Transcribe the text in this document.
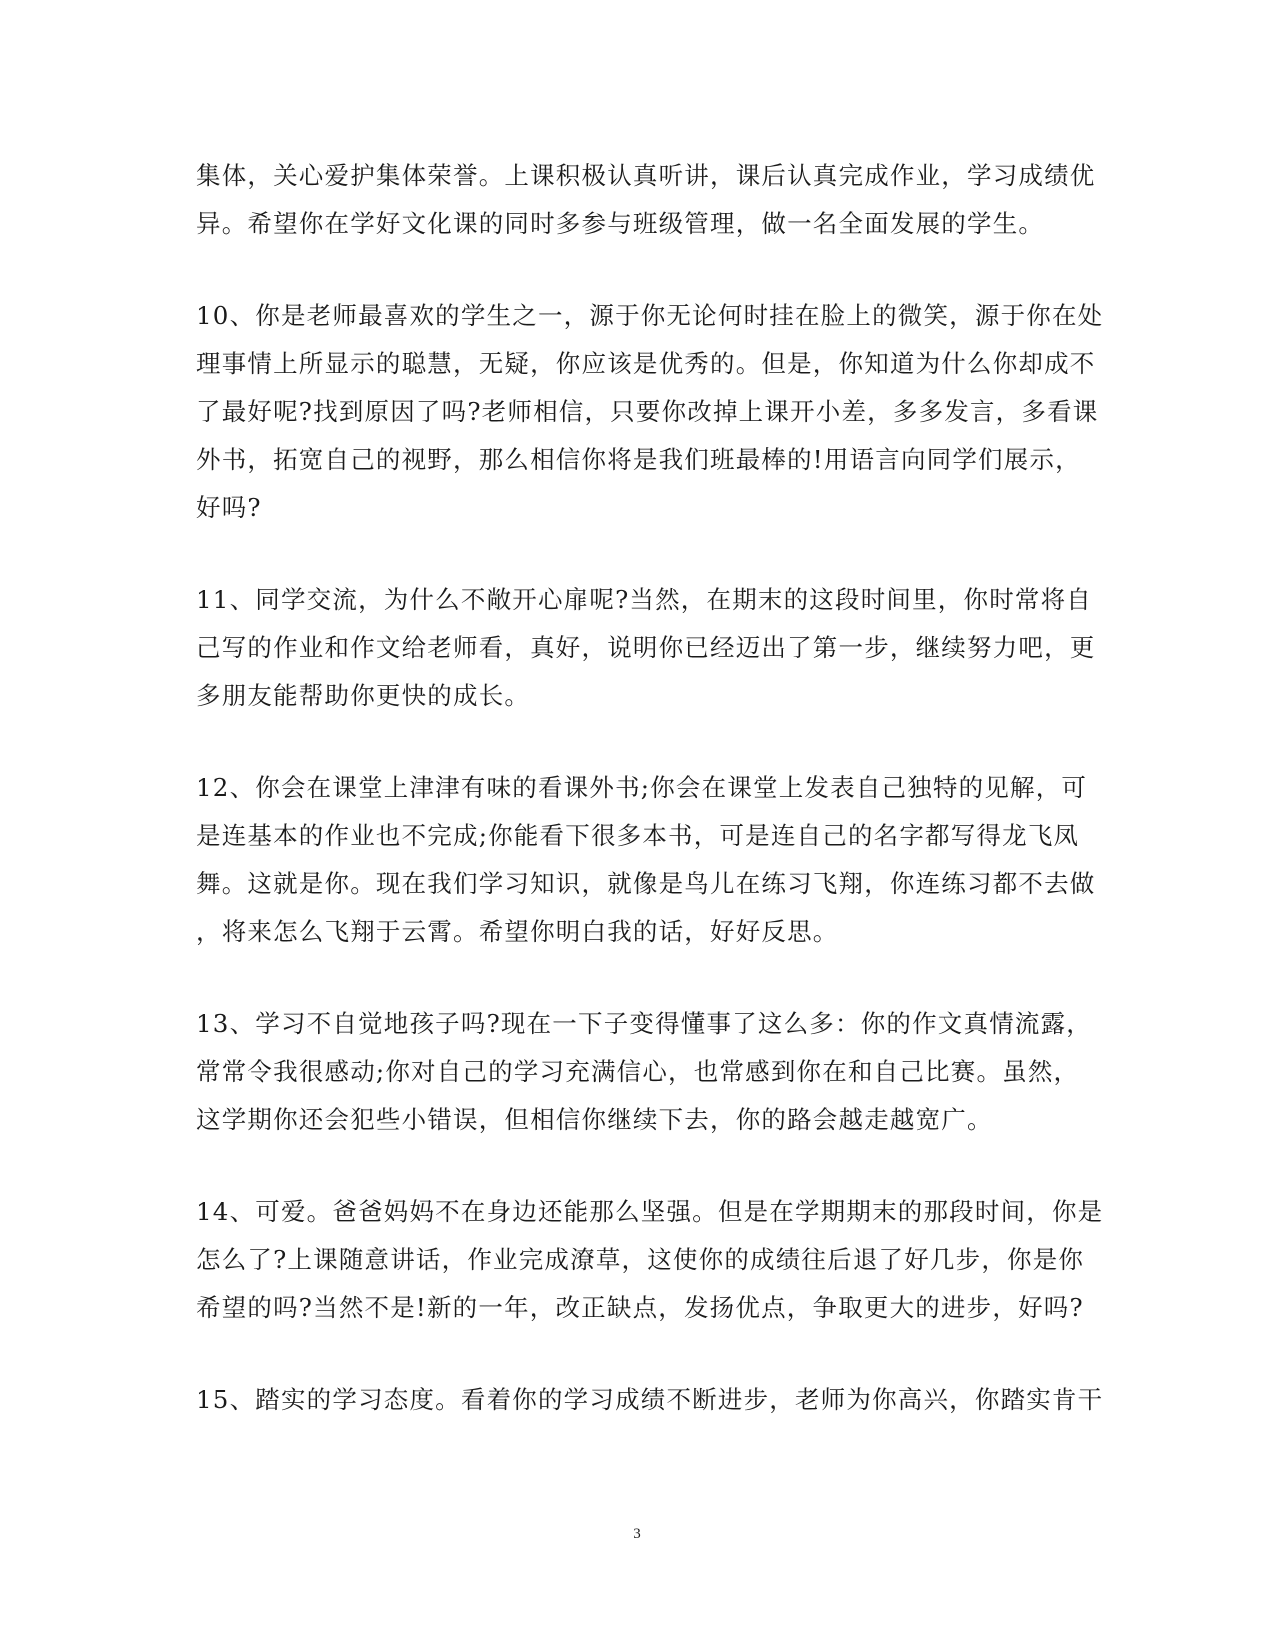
集体，关心爱护集体荣誉。上课积极认真听讲，课后认真完成作业，学习成绩优
异。希望你在学好文化课的同时多参与班级管理，做一名全面发展的学生。

10、你是老师最喜欢的学生之一，源于你无论何时挂在脸上的微笑，源于你在处
理事情上所显示的聪慧，无疑，你应该是优秀的。但是，你知道为什么你却成不
了最好呢?找到原因了吗?老师相信，只要你改掉上课开小差，多多发言，多看课
外书，拓宽自己的视野，那么相信你将是我们班最棒的!用语言向同学们展示，
好吗?

11、同学交流，为什么不敞开心扉呢?当然，在期末的这段时间里，你时常将自
己写的作业和作文给老师看，真好，说明你已经迈出了第一步，继续努力吧，更
多朋友能帮助你更快的成长。

12、你会在课堂上津津有味的看课外书;你会在课堂上发表自己独特的见解，可
是连基本的作业也不完成;你能看下很多本书，可是连自己的名字都写得龙飞凤
舞。这就是你。现在我们学习知识，就像是鸟儿在练习飞翔，你连练习都不去做
，将来怎么飞翔于云霄。希望你明白我的话，好好反思。

13、学习不自觉地孩子吗?现在一下子变得懂事了这么多：你的作文真情流露，
常常令我很感动;你对自己的学习充满信心，也常感到你在和自己比赛。虽然，
这学期你还会犯些小错误，但相信你继续下去，你的路会越走越宽广。

14、可爱。爸爸妈妈不在身边还能那么坚强。但是在学期期末的那段时间，你是
怎么了?上课随意讲话，作业完成潦草，这使你的成绩往后退了好几步，你是你
希望的吗?当然不是!新的一年，改正缺点，发扬优点，争取更大的进步，好吗?

15、踏实的学习态度。看着你的学习成绩不断进步，老师为你高兴，你踏实肯干

3
